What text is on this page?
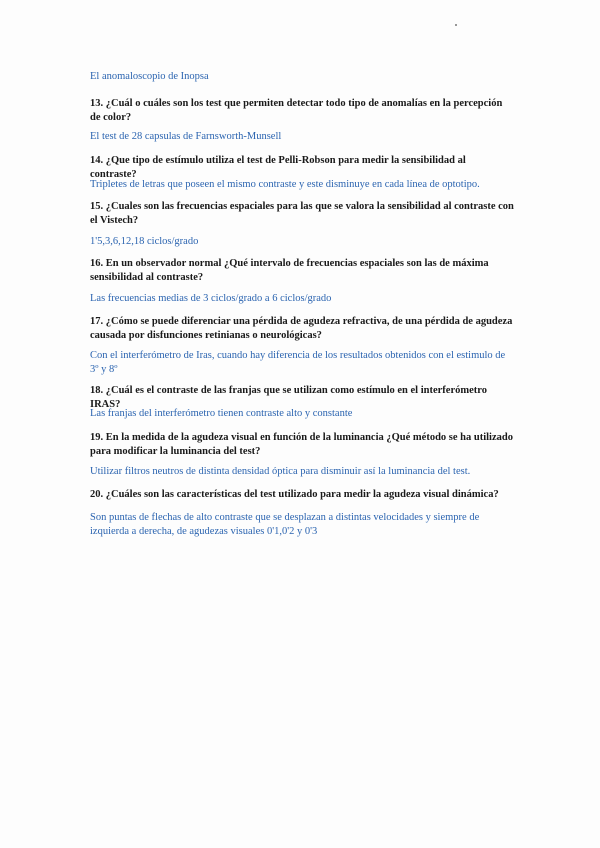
El anomaloscopio de Inopsa

13. ¿Cuál o cuáles son los test que permiten detectar todo tipo de anomalías en la percepción de color?

El test de 28 capsulas de Farnsworth-Munsell

14. ¿Que tipo de estímulo utiliza el test de Pelli-Robson para medir la sensibilidad al contraste?

Tripletes de letras que poseen el mismo contraste y este disminuye en cada línea de optotipo.

15. ¿Cuales son las frecuencias espaciales para las que se valora la sensibilidad al contraste con el Vistech?

1'5,3,6,12,18 ciclos/grado

16. En un observador normal ¿Qué intervalo de frecuencias espaciales son las de máxima sensibilidad al contraste?

Las frecuencias medias de 3 ciclos/grado a 6 ciclos/grado

17. ¿Cómo se puede diferenciar una pérdida de agudeza refractiva, de una pérdida de agudeza causada por disfunciones retinianas o neurológicas?

Con el interferómetro de Iras, cuando hay diferencia de los resultados obtenidos con el estimulo de 3º y 8º

18. ¿Cuál es el contraste de las franjas que se utilizan como estímulo en el interferómetro IRAS?

Las franjas del interferómetro tienen contraste alto y constante

19. En la medida de la agudeza visual en función de la luminancia ¿Qué método se ha utilizado para modificar la luminancia del test?

Utilizar filtros neutros de distinta densidad óptica para disminuir así la luminancia del test.

20. ¿Cuáles son las características del test utilizado para medir la agudeza visual dinámica?

Son puntas de flechas de alto contraste que se desplazan a distintas velocidades y siempre de izquierda a derecha, de agudezas visuales 0'1,0'2 y 0'3
